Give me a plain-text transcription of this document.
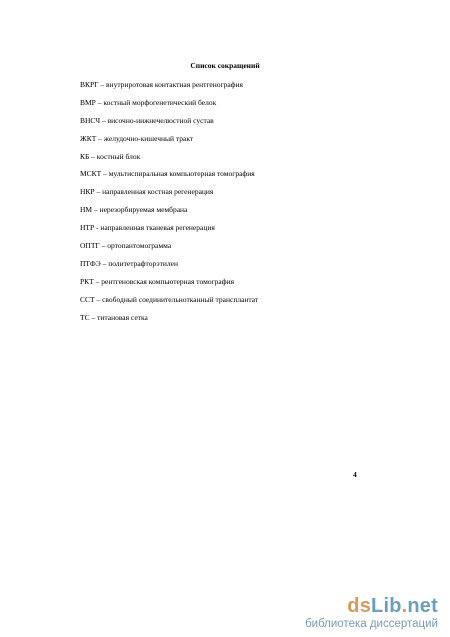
Список сокращений
ВКРГ – внутриротовая контактная рентгенография
ВМР – костный морфогенетический белок
ВНСЧ – височно-нижнечелюстной сустав
ЖКТ – желудочно-кишечный тракт
КБ – костный блок
МСКТ – мультиспиральная компьютерная томография
НКР – направленная костная регенерация
НМ – нерезорбируемая мембрана
НТР - направленная тканевая регенерация
ОПТГ – ортопантомограмма
ПТФЭ – политетрафторэтилен
РКТ – рентгеновская компьютерная томография
ССТ – свободный соединительнотканный трансплантат
ТС – титановая сетка
4
dsLib.net
библиотека диссертаций
